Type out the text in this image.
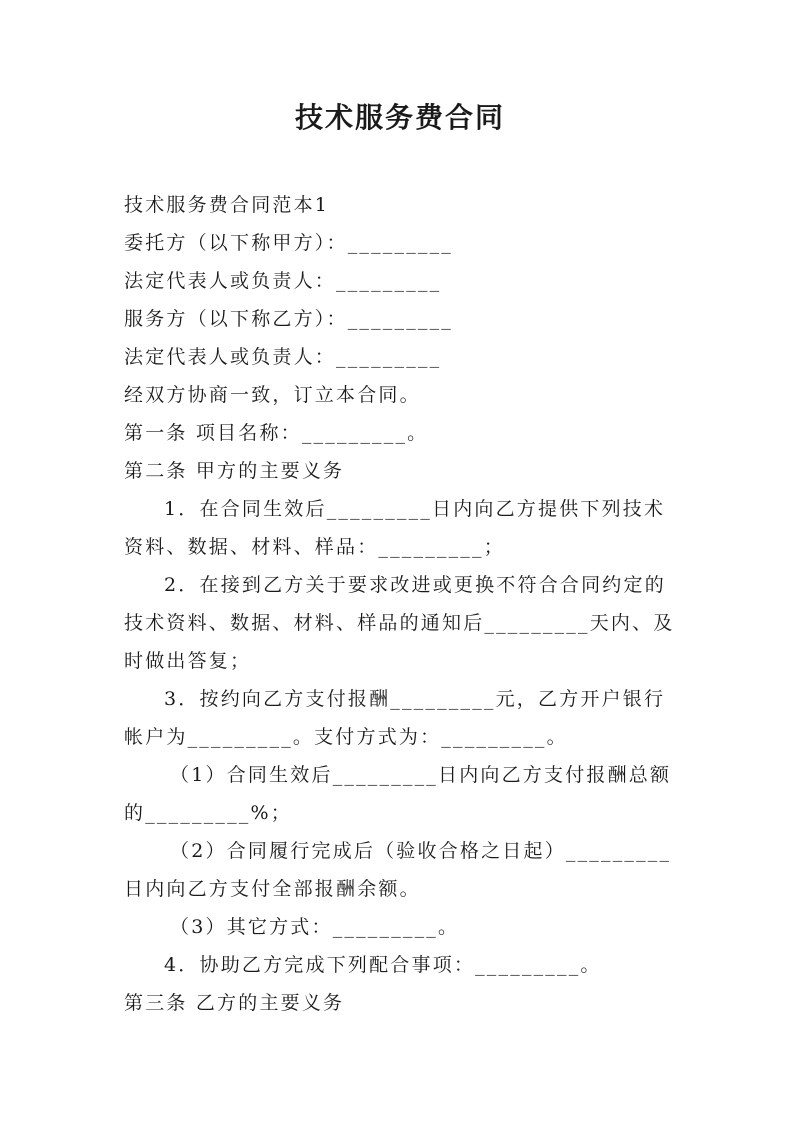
技术服务费合同

技术服务费合同范本1

委托方（以下称甲方）：_________

法定代表人或负责人：_________

服务方（以下称乙方）：_________

法定代表人或负责人：_________

经双方协商一致，订立本合同。

第一条 项目名称：_________。

第二条 甲方的主要义务

1．在合同生效后_________日内向乙方提供下列技术资料、数据、材料、样品：_________；

2．在接到乙方关于要求改进或更换不符合合同约定的技术资料、数据、材料、样品的通知后_________天内、及时做出答复；

3．按约向乙方支付报酬_________元，乙方开户银行帐户为_________。支付方式为：_________。

（1）合同生效后_________日内向乙方支付报酬总额的_________%；

（2）合同履行完成后（验收合格之日起）_________日内向乙方支付全部报酬余额。

（3）其它方式：_________。

4．协助乙方完成下列配合事项：_________。

第三条 乙方的主要义务
